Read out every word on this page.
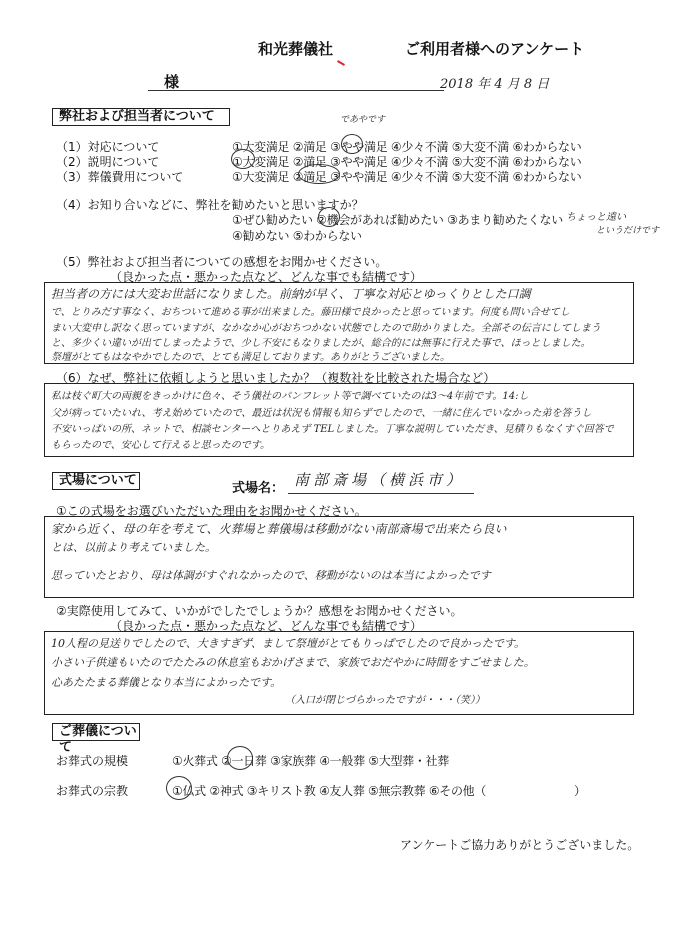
和光葬儀社	ご利用者様へのアンケート
様	2018 年 4 月 8 日
弊社および担当者について	であやです
（1）対応について	①大変満足 ②満足 ③やや満足 ④少々不満 ⑤大変不満 ⑥わからない
（2）説明について	①大変満足 ②満足 ③やや満足 ④少々不満 ⑤大変不満 ⑥わからない
（3）葬儀費用について	①大変満足 ②満足 ③やや満足 ④少々不満 ⑤大変不満 ⑥わからない
（4）お知り合いなどに、弊社を勧めたいと思いますか？
①ぜひ勧めたい ②機会があれば勧めたい ③あまり勧めたくない
④勧めない ⑤わからない
ちょっと遠い
というだけです
（5）弊社および担当者についての感想をお聞かせください。
（良かった点・悪かった点など、どんな事でも結構です）
担当者の方には大変お世話になりました。前納が早く、丁寧な対応とゆっくりとした口調
で、とりみだす事なく、おちついて進める事が出来ました。藤田様で良かったと思っています。何度も問い合せてし
まい大変申し訳なく思っていますが、なかなか心がおちつかない状態でしたので助かりました。全部その伝言にしてしまう
と、多少くい違いが出てしまったようで、少し不安にもなりましたが、総合的には無事に行えた事で、ほっとしました。
祭壇がとてもはなやかでしたので、とても満足しております。ありがとうございました。
（6）なぜ、弊社に依頼しようと思いましたか？（複数社を比較された場合など）
私は枝ぐ町大の両親をきっかけに色々、そう儀社のパンフレット等で調べていたのは3〜4年前です。14:し
父が病っていたいれ、考え始めていたので、最近は状況も情報も知らずでしたので、一緒に住んでいなかった弟を答うし
不安いっぱいの所、ネットで、相談センターへとりあえず TELしました。丁寧な説明していただき、見積りもなくすぐ回答で
もらったので、安心して行えると思ったのです。
式場について
式場名： 南部斎場（横浜市）
①この式場をお選びいただいた理由をお聞かせください。
家から近く、母の年を考えて、火葬場と葬儀場は移動がない南部斎場で出来たら良い
とは、以前より考えていました。
思っていたとおり、母は体調がすぐれなかったので、移動がないのは本当によかったです
②実際使用してみて、いかがでしたでしょうか？感想をお聞かせください。
（良かった点・悪かった点など、どんな事でも結構です）
10人程の見送りでしたので、大きすぎず、まして祭壇がとてもりっぱでしたので良かったです。
小さい子供達もいたのでたたみの休息室もおかげさまで、家族でおだやかに時間をすごせました。
心あたたまる葬儀となり本当によかったです。
（入口が閉じづらかったですが・・・（笑））
ご葬儀について
お葬式の規模	①火葬式 ②一日葬 ③家族葬 ④一般葬 ⑤大型葬・社葬
お葬式の宗教	①仏式 ②神式 ③キリスト教 ④友人葬 ⑤無宗教葬 ⑥その他（	）
アンケートご協力ありがとうございました。
